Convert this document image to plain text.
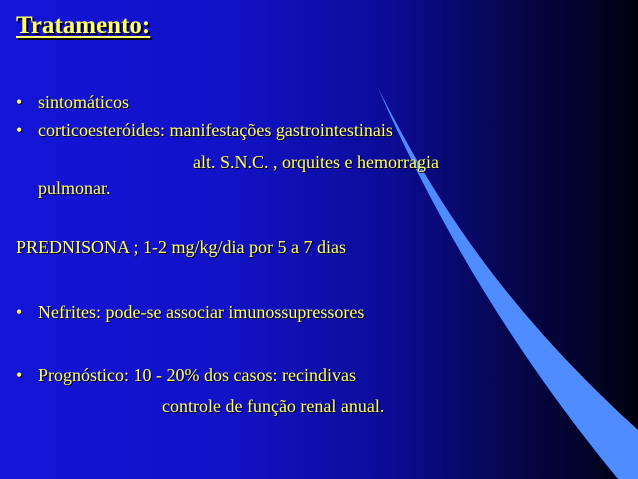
Tratamento:
• sintomáticos
• corticoesteróides: manifestações gastrointestinais
alt. S.N.C. , orquites e hemorragia
pulmonar.
PREDNISONA ; 1-2 mg/kg/dia por 5 a 7 dias
• Nefrites: pode-se associar imunossupressores
• Prognóstico: 10 - 20% dos casos: recindivas
controle de função renal anual.
